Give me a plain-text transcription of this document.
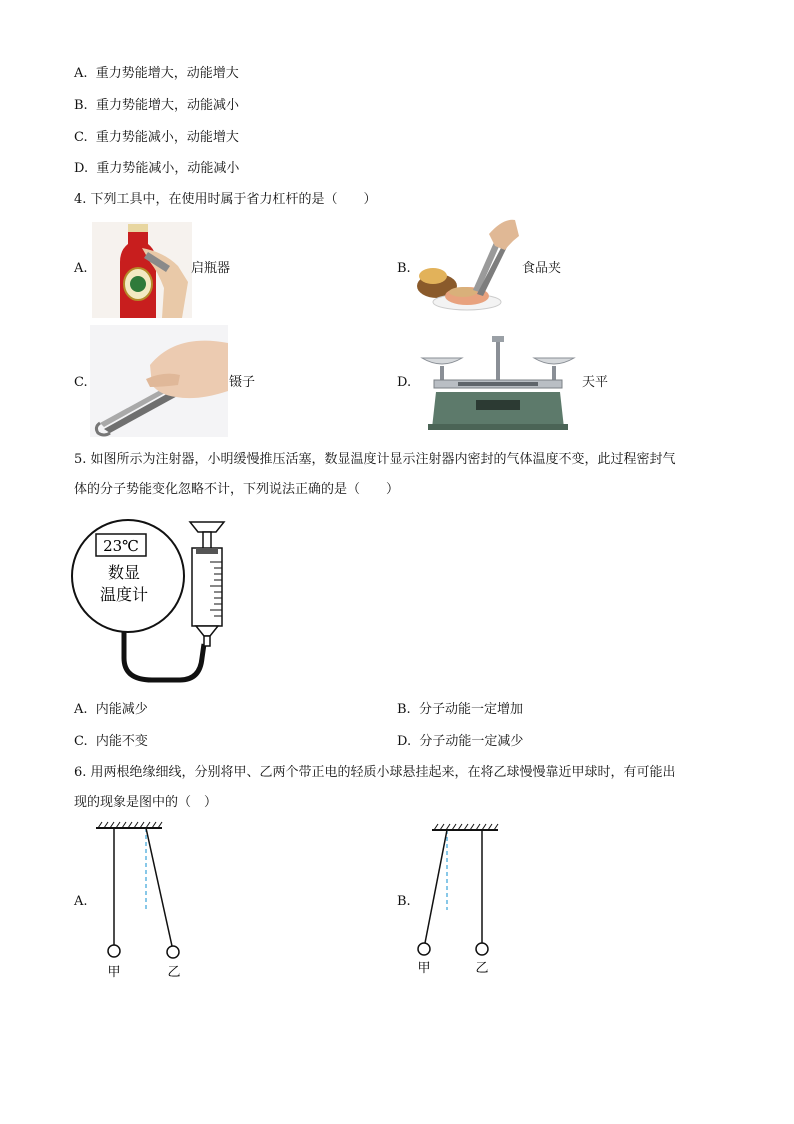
A. 重力势能增大，动能增大
B. 重力势能增大，动能减小
C. 重力势能减小，动能增大
D. 重力势能减小，动能减小
4. 下列工具中，在使用时属于省力杠杆的是（　　）
A.	启瓶器	B.	食品夹
C.	镊子	D.	天平
5. 如图所示为注射器，小明缓慢推压活塞，数显温度计显示注射器内密封的气体温度不变，此过程密封气
体的分子势能变化忽略不计，下列说法正确的是（　　）
23℃
数显
温度计
A. 内能减少	B. 分子动能一定增加
C. 内能不变	D. 分子动能一定减少
6. 用两根绝缘细线，分别将甲、乙两个带正电的轻质小球悬挂起来，在将乙球慢慢靠近甲球时，有可能出
现的现象是图中的（　）
A.
甲	乙
B.
甲	乙
